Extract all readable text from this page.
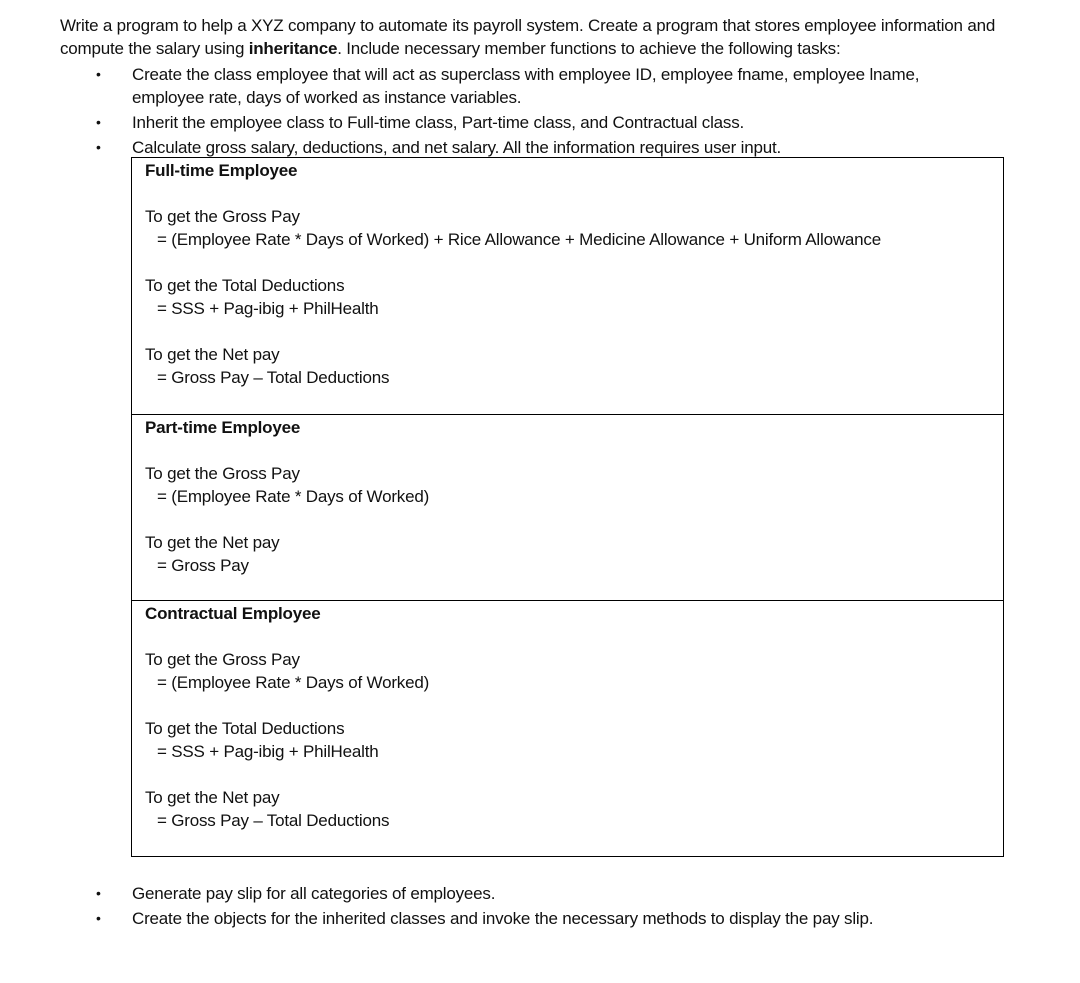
Write a program to help a XYZ company to automate its payroll system. Create a program that stores employee information and compute the salary using inheritance. Include necessary member functions to achieve the following tasks:
• Create the class employee that will act as superclass with employee ID, employee fname, employee lname, employee rate, days of worked as instance variables.
• Inherit the employee class to Full-time class, Part-time class, and Contractual class.
• Calculate gross salary, deductions, and net salary. All the information requires user input.
Full-time Employee
To get the Gross Pay
= (Employee Rate * Days of Worked) + Rice Allowance + Medicine Allowance + Uniform Allowance
To get the Total Deductions
= SSS + Pag-ibig + PhilHealth
To get the Net pay
= Gross Pay – Total Deductions
Part-time Employee
To get the Gross Pay
= (Employee Rate * Days of Worked)
To get the Net pay
= Gross Pay
Contractual Employee
To get the Gross Pay
= (Employee Rate * Days of Worked)
To get the Total Deductions
= SSS + Pag-ibig + PhilHealth
To get the Net pay
= Gross Pay – Total Deductions
• Generate pay slip for all categories of employees.
• Create the objects for the inherited classes and invoke the necessary methods to display the pay slip.
